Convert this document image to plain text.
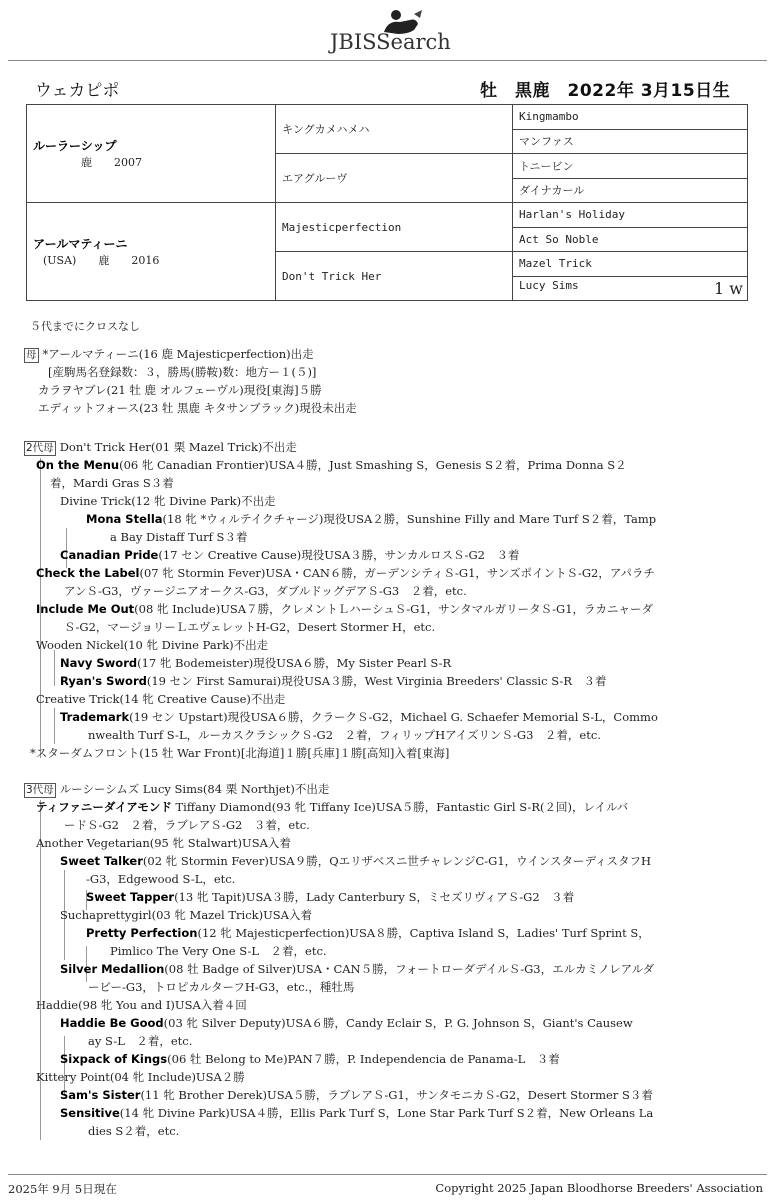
JBISSearch
ウェカピポ	牡　黒鹿　2022年 3月15日生
ルーラーシップ
鹿　　2007	キングカメハメハ	Kingmambo
		マンファス
	エアグルーヴ	トニービン
		ダイナカール

アールマティーニ
(USA)　　鹿　　2016	Majesticperfection	Harlan's Holiday
		Act So Noble
	Don't Trick Her	Mazel Trick
		Lucy Sims 1 w
５代までにクロスなし
母 *アールマティーニ(16 鹿 Majesticperfection)出走
[産駒馬名登録数：３，勝馬(勝鞍)数：地方ー１(５)]
カラヲヤブレ(21 牡 鹿 オルフェーヴル)現役[東海]５勝
エディットフォース(23 牡 黒鹿 キタサンブラック)現役未出走
2代母 Don't Trick Her(01 栗 Mazel Trick)不出走
On the Menu(06 牝 Canadian Frontier)USA４勝，Just Smashing S，Genesis S２着，Prima Donna S２
着，Mardi Gras S３着
Divine Trick(12 牝 Divine Park)不出走
Mona Stella(18 牝 *ウィルテイクチャージ)現役USA２勝，Sunshine Filly and Mare Turf S２着，Tamp
a Bay Distaff Turf S３着
Canadian Pride(17 セン Creative Cause)現役USA３勝，サンカルロスＳ-G2　３着
Check the Label(07 牝 Stormin Fever)USA・CAN６勝，ガーデンシティＳ-G1，サンズポイントＳ-G2，アパラチ
アンＳ-G3，ヴァージニアオークス-G3，ダブルドッグデアＳ-G3　２着，etc.
Include Me Out(08 牝 Include)USA７勝，クレメントＬハーシュＳ-G1，サンタマルガリータＳ-G1，ラカニャーダ
Ｓ-G2，マージョリーＬエヴェレットH-G2，Desert Stormer H，etc.
Wooden Nickel(10 牝 Divine Park)不出走
Navy Sword(17 牝 Bodemeister)現役USA６勝，My Sister Pearl S-R
Ryan's Sword(19 セン First Samurai)現役USA３勝，West Virginia Breeders' Classic S-R　３着
Creative Trick(14 牝 Creative Cause)不出走
Trademark(19 セン Upstart)現役USA６勝，クラークＳ-G2，Michael G. Schaefer Memorial S-L，Commo
nwealth Turf S-L，ルーカスクラシックＳ-G2　２着，フィリップHアイズリンＳ-G3　２着，etc.
*スターダムフロント(15 牡 War Front)[北海道]１勝[兵庫]１勝[高知]入着[東海]
3代母 ルーシーシムズ Lucy Sims(84 栗 Northjet)不出走
ティファニーダイアモンド Tiffany Diamond(93 牝 Tiffany Ice)USA５勝，Fantastic Girl S-R(２回)，レイルバ
ードＳ-G2　２着，ラブレアＳ-G2　３着，etc.
Another Vegetarian(95 牝 Stalwart)USA入着
Sweet Talker(02 牝 Stormin Fever)USA９勝，Qエリザベスニ世チャレンジC-G1，ウインスターディスタフH
-G3，Edgewood S-L，etc.
Sweet Tapper(13 牝 Tapit)USA３勝，Lady Canterbury S，ミセズリヴィアＳ-G2　３着
Suchaprettygirl(03 牝 Mazel Trick)USA入着
Pretty Perfection(12 牝 Majesticperfection)USA８勝，Captiva Island S，Ladies' Turf Sprint S，
Pimlico The Very One S-L　２着，etc.
Silver Medallion(08 牡 Badge of Silver)USA・CAN５勝，フォートローダデイルＳ-G3，エルカミノレアルダ
ービー-G3，トロピカルターフH-G3，etc.，種牡馬
Haddie(98 牝 You and I)USA入着４回
Haddie Be Good(03 牝 Silver Deputy)USA６勝，Candy Eclair S，P. G. Johnson S，Giant's Causew
ay S-L　２着，etc.
Sixpack of Kings(06 牡 Belong to Me)PAN７勝，P. Independencia de Panama-L　３着
Kittery Point(04 牝 Include)USA２勝
Sam's Sister(11 牝 Brother Derek)USA５勝，ラブレアＳ-G1，サンタモニカＳ-G2，Desert Stormer S３着
Sensitive(14 牝 Divine Park)USA４勝，Ellis Park Turf S，Lone Star Park Turf S２着，New Orleans La
dies S２着，etc.
2025年 9月 5日現在	Copyright 2025 Japan Bloodhorse Breeders' Association
